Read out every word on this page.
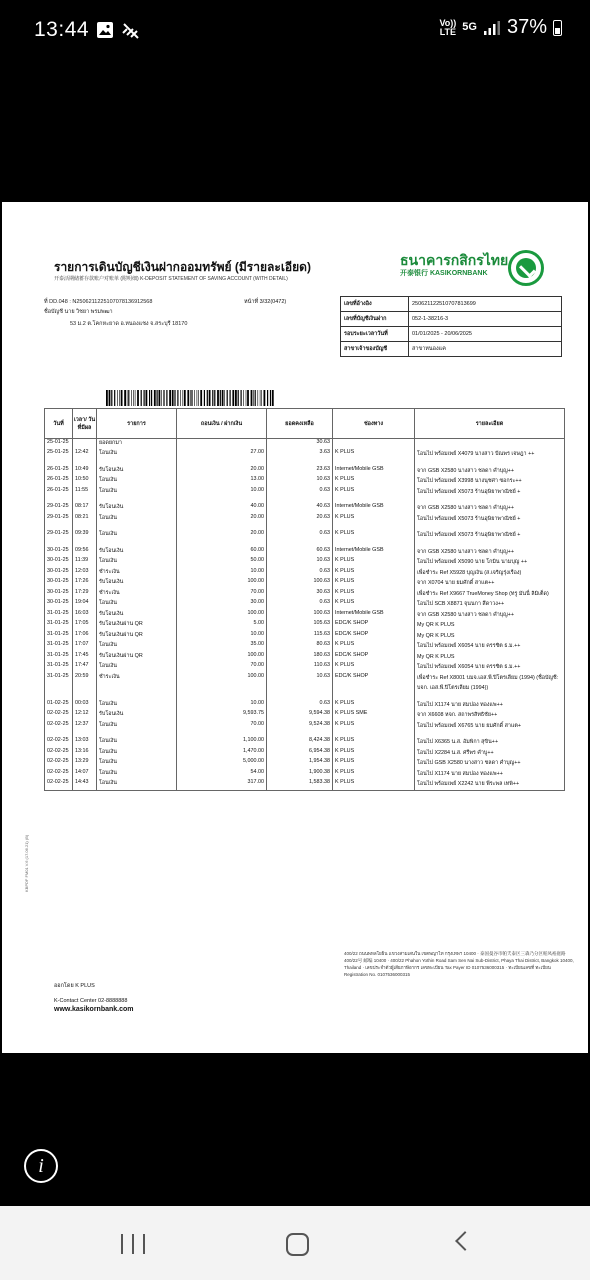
13:44	Vo))
LTE 5G 37%
รายการเดินบัญชีเงินฝากออมทรัพย์ (มีรายละเอียด)
开泰活期储蓄存款账户对账单 (附明细) K-DEPOSIT STATEMENT OF SAVING ACCOUNT (WITH DETAIL)
ธนาคารกสิกรไทย
开泰银行 KASIKORNBANK
ที่ DD.048 : N2506211225107078136912568	หน้าที่ 3/32(0472)
ชื่อบัญชี นาย วิชยา พรมพฒา
53 ม.2 ต.โคกหะยาด อ.หนองแชง จ.สระบุรี 18170
เลขที่อ้างอิง	250621122510707813699
เลขที่บัญชีเงินฝาก	052-1-38216-3
รอบระยะเวลาวันที่	01/01/2025 - 20/06/2025
สาขาเจ้าของบัญชี	สาขาหนองแค
วันที่	เวลา/ วันที่มีผล	รายการ	ถอนเงิน / ฝากเงิน	ยอดคงเหลือ	ช่องทาง	รายละเอียด
25-01-25		ยอดยกมา		30.63		
25-01-25	12:42	โอนเงิน	27.00	3.63	K PLUS	โอนไป พร้อมเพย์ X4079 นางสาว ปัณพร เจษฎา ++

26-01-25	10:49	รับโอนเงิน	20.00	23.63	Internet/Mobile GSB	จาก GSB X2580 นางสาว ชลดา คำบุญ++
26-01-25	10:50	โอนเงิน	13.00	10.63	K PLUS	โอนไป พร้อมเพย์ X3998 นางนุชศา ซอกระ++
26-01-25	11:55	โอนเงิน	10.00	0.63	K PLUS	โอนไป พร้อมเพย์ X5073 ร้านอุษิยาพาณิชย์ +

29-01-25	08:17	รับโอนเงิน	40.00	40.63	Internet/Mobile GSB	จาก GSB X2580 นางสาว ชลดา คำบุญ++
29-01-25	08:21	โอนเงิน	20.00	20.63	K PLUS	โอนไป พร้อมเพย์ X5073 ร้านอุษิยาพาณิชย์ +

29-01-25	09:39	โอนเงิน	20.00	0.63	K PLUS	โอนไป พร้อมเพย์ X5073 ร้านอุษิยาพาณิชย์ +

30-01-25	09:56	รับโอนเงิน	60.00	60.63	Internet/Mobile GSB	จาก GSB X2580 นางสาว ชลดา คำบุญ++
30-01-25	11:39	โอนเงิน	50.00	10.63	K PLUS	โอนไป พร้อมเพย์ X5090 นาย โกมิน นามบุญ ++
30-01-25	12:03	ชำระเงิน	10.00	0.63	K PLUS	เพื่อชำระ Ref X5928 บุญเงิน (ส.เจริญรุ่งเรือง)
30-01-25	17:26	รับโอนเงิน	100.00	100.63	K PLUS	จาก X0704 นาย ยมศักดิ์ สาแต++
30-01-25	17:29	ชำระเงิน	70.00	30.63	K PLUS	เพื่อชำระ Ref X9667 TrueMoney Shop (ทรู มันนี่ ลิมิเต็ด)
30-01-25	19:04	โอนเงิน	30.00	0.63	K PLUS	โอนไป SCB X8871 จุนนกา สีดาวง++
31-01-25	16:03	รับโอนเงิน	100.00	100.63	Internet/Mobile GSB	จาก GSB X2580 นางสาว ชลดา คำบุญ++
31-01-25	17:05	รับโอนเงินผ่าน QR	5.00	105.63	EDC/K SHOP	My QR K PLUS
31-01-25	17:06	รับโอนเงินผ่าน QR	10.00	115.63	EDC/K SHOP	My QR K PLUS
31-01-25	17:07	โอนเงิน	35.00	80.63	K PLUS	โอนไป พร้อมเพย์ X6054 นาย ครรชิต ธ.ม.++
31-01-25	17:45	รับโอนเงินผ่าน QR	100.00	180.63	EDC/K SHOP	My QR K PLUS
31-01-25	17:47	โอนเงิน	70.00	110.63	K PLUS	โอนไป พร้อมเพย์ X6054 นาย ครรชิต ธ.ม.++
31-01-25	20:59	ชำระเงิน	100.00	10.63	EDC/K SHOP	เพื่อชำระ Ref X8001 บมจ.เอส.พี.ปิโตรเลียม (1994) (ชื่อบัญชี: บจก. เอส.พี.ปิโตรเลียม (1994))

01-02-25	00:03	โอนเงิน	10.00	0.63	K PLUS	โอนไป X1174 นาย สมปอง ทองแพ++
02-02-25	12:12	รับโอนเงิน	9,593.75	9,594.38	K PLUS SME	จาก X6608 หจก. สถาพรสิทธิชัย++
02-02-25	12:37	โอนเงิน	70.00	9,524.38	K PLUS	โอนไป พร้อมเพย์ X6765 นาย ยมศักดิ์ สาแต+

02-02-25	13:03	โอนเงิน	1,100.00	8,424.38	K PLUS	โอนไป X6365 น.ส. อัมพิกา สุขิน++
02-02-25	13:16	โอนเงิน	1,470.00	6,954.38	K PLUS	โอนไป X2284 น.ส. ศรีพร คำบู++
02-02-25	13:29	โอนเงิน	5,000.00	1,954.38	K PLUS	โอนไป GSB X2580 นางสาว ชลดา คำบุญ++
02-02-25	14:07	โอนเงิน	54.00	1,900.38	K PLUS	โอนไป X1174 นาย สมปอง ทองแพ++
02-02-25	14:43	โอนเงิน	317.00	1,583.38	K PLUS	โอนไป พร้อมเพย์ X2242 นาย พีระพล เทพิ++
ออกโดย K PLUS
K-Contact Center 02-8888888
www.kasikornbank.com
400/22 ถนนพหลโยธิน แขวงสามเสนใน เขตพญาไท กรุงเทพฯ 10400 · 泰国曼谷市帕夭泰区三森乃分区帕凤裕庭路400/22号 邮编 10400 · 400/22 Phahon Yothin Road Sam Sen Nai Sub-District, Phaya Thai District, Bangkok 10400, Thailand · เลขประจำตัวผู้เสียภาษีอากร เลขทะเบียน Tax Payer ID 0107536000315 · ทะเบียนเลขที่ ทะเบียน Registration No. 0107536000315
KBPDF FM01 V.6 (17.06.21) (B)
i
